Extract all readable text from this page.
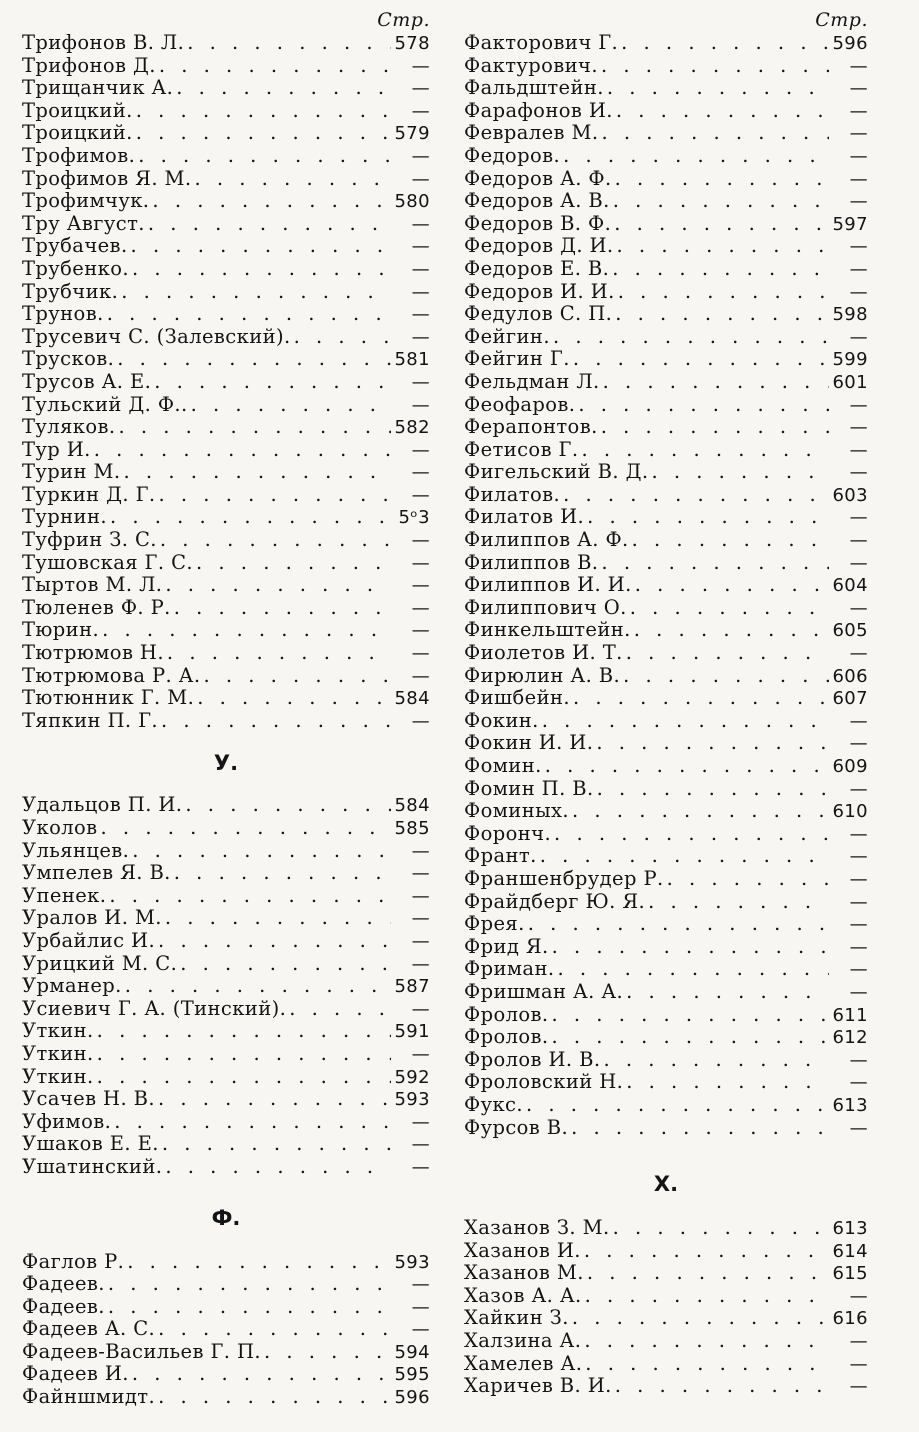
Стр.
Трифонов В. Л. . . .	578
Трифонов Д. . . .	—
Трищанчик А. . . .	—
Троицкий. . . .	—
Троицкий. . . .	579
Трофимов. . . .	—
Трофимов Я. М. . . .	—
Трофимчук. . . .	580
Тру Август. . . .	—
Трубачев. . . .	—
Трубенко. . . .	—
Трубчик. . . .	—
Трунов. . . .	—
Трусевич С. (Залевский). . . .	—
Трусков. . . .	581
Трусов А. Е. . . .	—
Тульский Д. Ф.. . . .	—
Туляков. . . .	582
Тур И. . . .	—
Турин М. . . .	—
Туркин Д. Г. . . .	—
Турнин. . . .	5ᵒ3
Туфрин З. С. . . .	—
Тушовская Г. С. . . .	—
Тыртов М. Л. . . .	—
Тюленев Ф. Р. . . .	—
Тюрин. . . .	—
Тютрюмов Н. . . .	—
Тютрюмова Р. А. . . .	—
Тютюнник Г. М. . . .	584
Тяпкин П. Г. . . .	—
У.
Удальцов П. И. . . .	584
Уколов . . .	585
Ульянцев. . . .	—
Умпелев Я. В. . . .	—
Упенек. . . .	—
Уралов И. М. . . .	—
Урбайлис И. . . .	—
Урицкий М. С. . . .	—
Урманер. . . .	587
Усиевич Г. А. (Тинский). . . .	—
Уткин. . . .	591
Уткин. . . .	—
Уткин. . . .	592
Усачев Н. В. . . .	593
Уфимов. . . .	—
Ушаков Е. Е. . . .	—
Ушатинский. . . .	—
Ф.
Фаглов Р. . . .	593
Фадеев. . . .	—
Фадеев. . . .	—
Фадеев А. С. . . .	—
Фадеев-Васильев Г. П. . . .	594
Фадеев И. . . .	595
Файншмидт. . . .	596
Стр.
Факторович Г. . . .	596
Фактурович. . . .	—
Фальдштейн. . . .	—
Фарафонов И. . . .	—
Февралев М. . . .	—
Федоров. . . .	—
Федоров А. Ф. . . .	—
Федоров А. В. . . .	—
Федоров В. Ф. . . .	597
Федоров Д. И. . . .	—
Федоров Е. В. . . .	—
Федоров И. И. . . .	—
Федулов С. П. . . .	598
Фейгин. . . .	—
Фейгин Г. . . .	599
Фельдман Л. . . .	601
Феофаров. . . .	—
Ферапонтов. . . .	—
Фетисов Г. . . .	—
Фигельский В. Д. . . .	—
Филатов. . . .	603
Филатов И. . . .	—
Филиппов А. Ф. . . .	—
Филиппов В. . . .	—
Филиппов И. И. . . .	604
Филиппович О. . . .	—
Финкельштейн. . . .	605
Фиолетов И. Т. . . .	—
Фирюлин А. В. . . .	606
Фишбейн. . . .	607
Фокин. . . .	—
Фокин И. И. . . .	—
Фомин. . . .	609
Фомин П. В. . . .	—
Фоминых. . . .	610
Форонч. . . .	—
Франт. . . .	—
Франшенбрудер Р. . . .	—
Фрайдберг Ю. Я. . . .	—
Фрея. . . .	—
Фрид Я. . . .	—
Фриман. . . .	—
Фришман А. А. . . .	—
Фролов. . . .	611
Фролов. . . .	612
Фролов И. В. . . .	—
Фроловский Н. . . .	—
Фукс. . . .	613
Фурсов В. . . .	—
Х.
Хазанов З. М. . . .	613
Хазанов И. . . .	614
Хазанов М. . . .	615
Хазов А. А. . . .	—
Хайкин З. . . .	616
Халзина А. . . .	—
Хамелев А. . . .	—
Харичев В. И. . . .	—
